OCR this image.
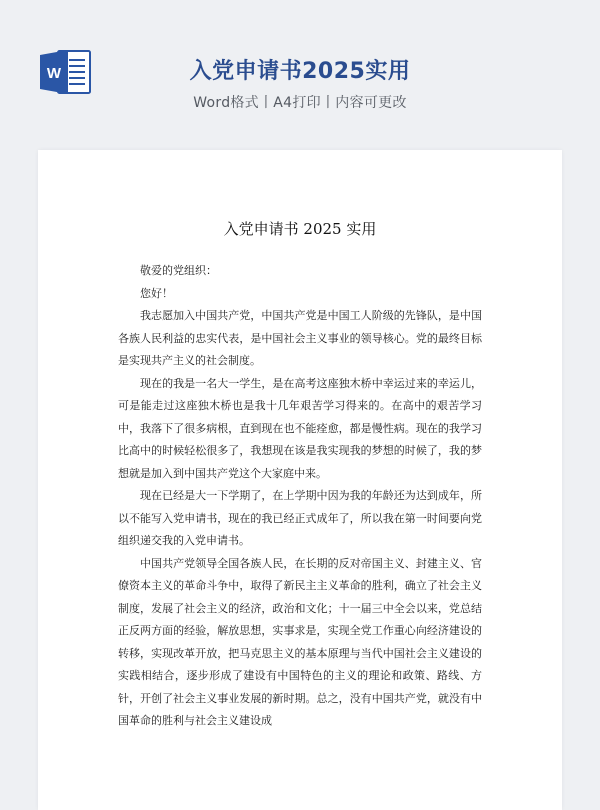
W	入党申请书2025实用
Word格式丨A4打印丨内容可更改
入党申请书 2025 实用

敬爱的党组织：

您好！

我志愿加入中国共产党，中国共产党是中国工人阶级的先锋队，是中国各族人民利益的忠实代表，是中国社会主义事业的领导核心。党的最终目标是实现共产主义的社会制度。

现在的我是一名大一学生，是在高考这座独木桥中幸运过来的幸运儿，可是能走过这座独木桥也是我十几年艰苦学习得来的。在高中的艰苦学习中，我落下了很多病根，直到现在也不能痊愈，都是慢性病。现在的我学习比高中的时候轻松很多了，我想现在该是我实现我的梦想的时候了，我的梦想就是加入到中国共产党这个大家庭中来。

现在已经是大一下学期了，在上学期中因为我的年龄还为达到成年，所以不能写入党申请书，现在的我已经正式成年了，所以我在第一时间要向党组织递交我的入党申请书。

中国共产党领导全国各族人民，在长期的反对帝国主义、封建主义、官僚资本主义的革命斗争中，取得了新民主主义革命的胜利，确立了社会主义制度，发展了社会主义的经济，政治和文化；十一届三中全会以来，党总结正反两方面的经验，解放思想，实事求是，实现全党工作重心向经济建设的转移，实现改革开放，把马克思主义的基本原理与当代中国社会主义建设的实践相结合，逐步形成了建设有中国特色的主义的理论和政策、路线、方针，开创了社会主义事业发展的新时期。总之，没有中国共产党，就没有中国革命的胜利与社会主义建设成
